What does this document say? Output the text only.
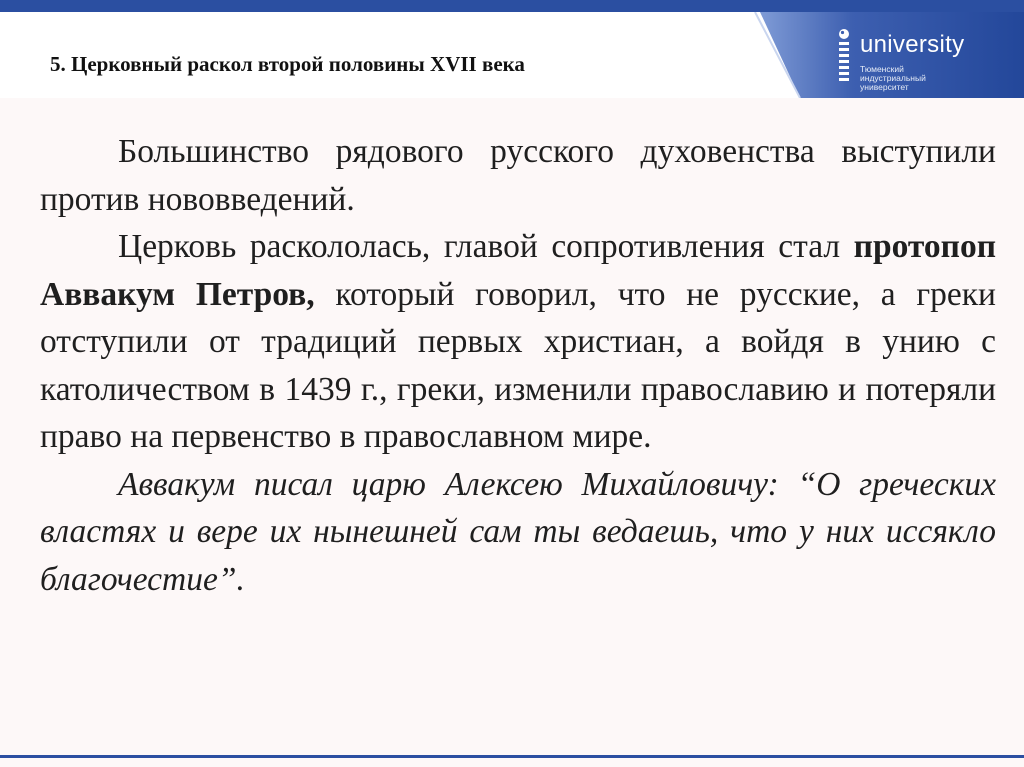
5. Церковный раскол второй половины XVII века
university
Тюменский
индустриальный
университет

Большинство рядового русского духовенства выступили против нововведений.

Церковь раскололась, главой сопротивления стал протопоп Аввакум Петров, который говорил, что не русские, а греки отступили от традиций первых христиан, а войдя в унию с католичеством в 1439 г., греки, изменили православию и потеряли право на первенство в православном мире.

Аввакум писал царю Алексею Михайловичу: “О греческих властях и вере их нынешней сам ты ведаешь, что у них иссякло благочестие”.
